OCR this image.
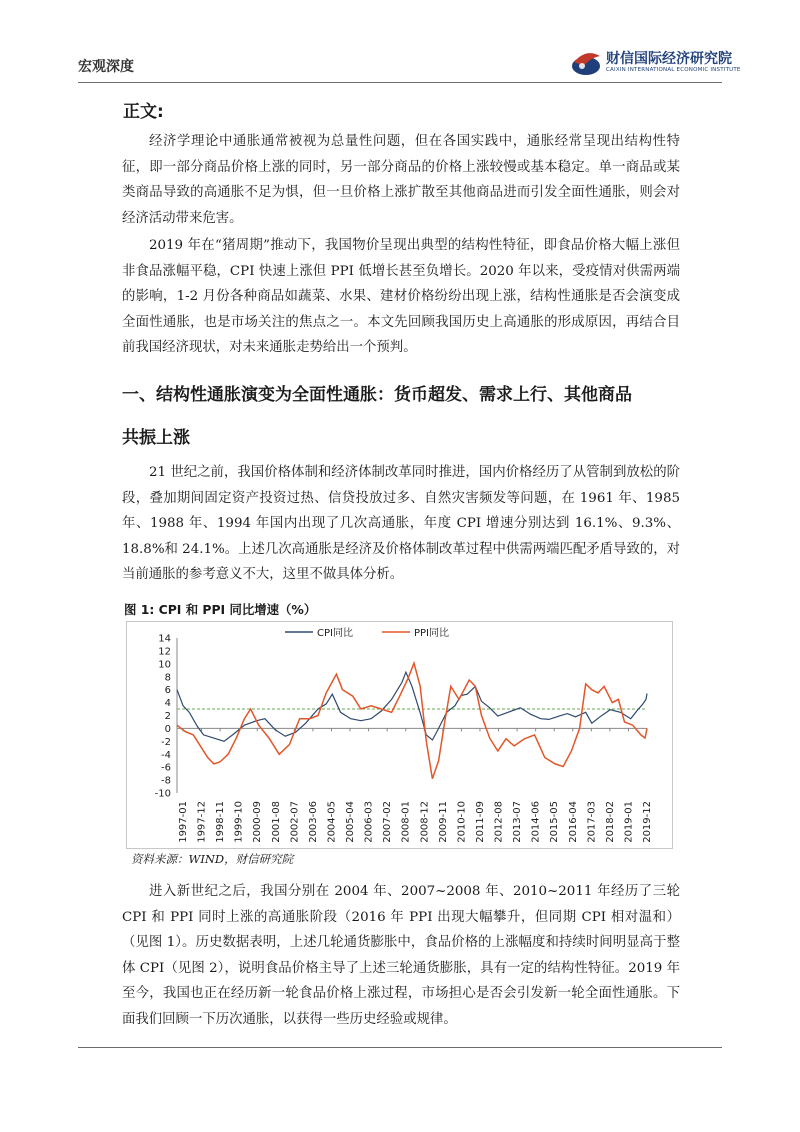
宏观深度	财信国际经济研究院
CAIXIN INTERNATIONAL ECONOMIC INSTITUTE
正文:

经济学理论中通胀通常被视为总量性问题，但在各国实践中，通胀经常呈现出结构性特征，即一部分商品价格上涨的同时，另一部分商品的价格上涨较慢或基本稳定。单一商品或某类商品导致的高通胀不足为惧，但一旦价格上涨扩散至其他商品进而引发全面性通胀，则会对经济活动带来危害。

2019 年在“猪周期”推动下，我国物价呈现出典型的结构性特征，即食品价格大幅上涨但非食品涨幅平稳，CPI 快速上涨但 PPI 低增长甚至负增长。2020 年以来，受疫情对供需两端的影响，1-2 月份各种商品如蔬菜、水果、建材价格纷纷出现上涨，结构性通胀是否会演变成全面性通胀，也是市场关注的焦点之一。本文先回顾我国历史上高通胀的形成原因，再结合目前我国经济现状，对未来通胀走势给出一个预判。

一、结构性通胀演变为全面性通胀：货币超发、需求上行、其他商品
共振上涨

21 世纪之前，我国价格体制和经济体制改革同时推进，国内价格经历了从管制到放松的阶段，叠加期间固定资产投资过热、信贷投放过多、自然灾害频发等问题，在 1961 年、1985 年、1988 年、1994 年国内出现了几次高通胀，年度 CPI 增速分别达到 16.1%、9.3%、18.8%和 24.1%。上述几次高通胀是经济及价格体制改革过程中供需两端匹配矛盾导致的，对当前通胀的参考意义不大，这里不做具体分析。

图 1: CPI 和 PPI 同比增速（%）
14
12
10
8
6
4
2
0
-2
-4
-6
-8
-10
1997-01 1997-12 1998-11 1999-10 2000-09 2001-08 2002-07 2003-06 2004-05 2005-04 2006-03 2007-02 2008-01 2008-12 2009-11 2010-10 2011-09 2012-08 2013-07 2014-06 2015-05 2016-04 2017-03 2018-02 2019-01 2019-12
CPI同比	PPI同比
资料来源：WIND，财信研究院

进入新世纪之后，我国分别在 2004 年、2007~2008 年、2010~2011 年经历了三轮 CPI 和 PPI 同时上涨的高通胀阶段（2016 年 PPI 出现大幅攀升，但同期 CPI 相对温和）（见图 1）。历史数据表明，上述几轮通货膨胀中，食品价格的上涨幅度和持续时间明显高于整体 CPI（见图 2），说明食品价格主导了上述三轮通货膨胀，具有一定的结构性特征。2019 年至今，我国也正在经历新一轮食品价格上涨过程，市场担心是否会引发新一轮全面性通胀。下面我们回顾一下历次通胀，以获得一些历史经验或规律。
